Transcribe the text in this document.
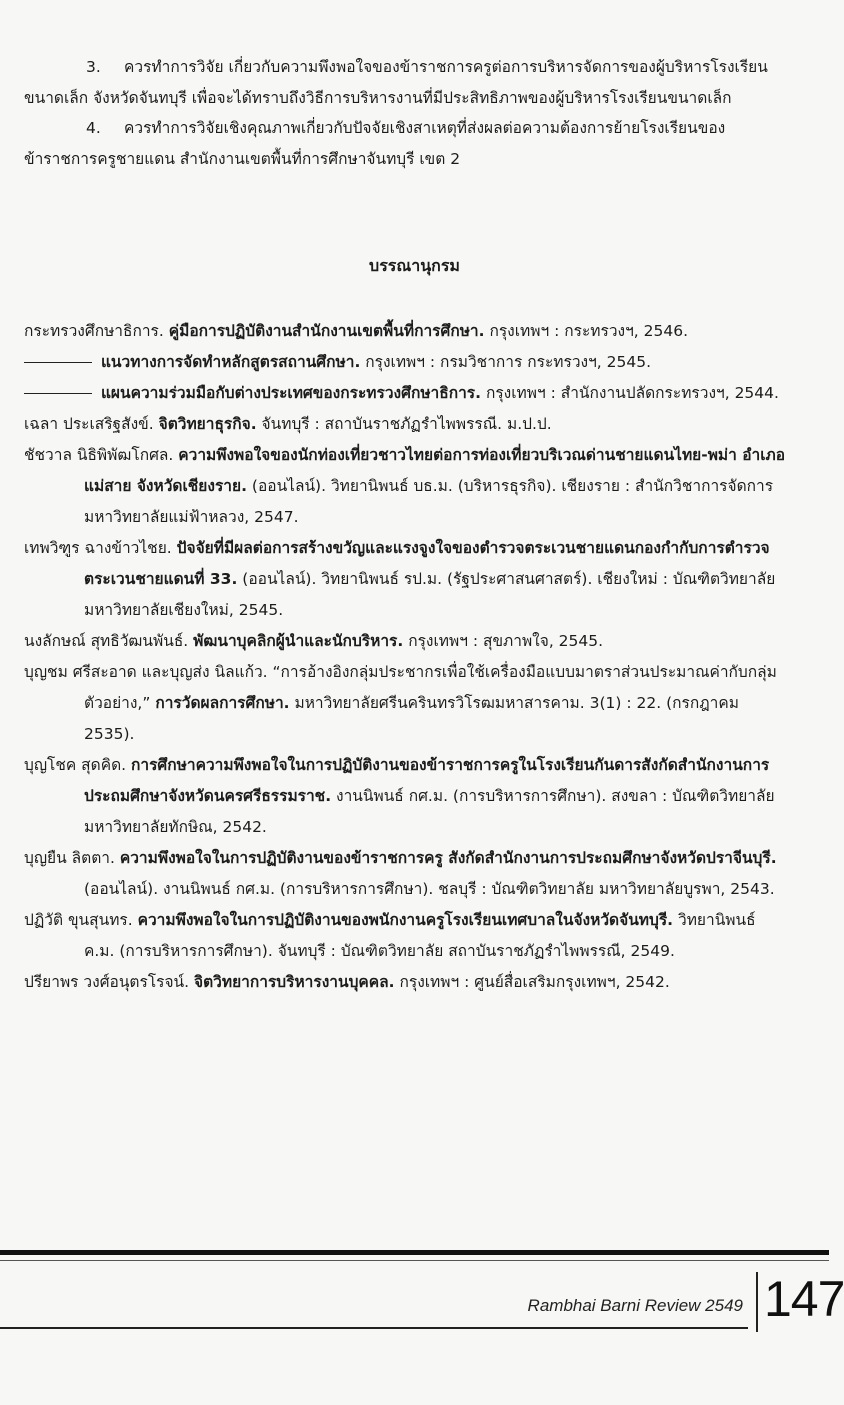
3. ควรทำการวิจัย เกี่ยวกับความพึงพอใจของข้าราชการครูต่อการบริหารจัดการของผู้บริหารโรงเรียนขนาดเล็ก จังหวัดจันทบุรี เพื่อจะได้ทราบถึงวิธีการบริหารงานที่มีประสิทธิภาพของผู้บริหารโรงเรียนขนาดเล็ก

4. ควรทำการวิจัยเชิงคุณภาพเกี่ยวกับปัจจัยเชิงสาเหตุที่ส่งผลต่อความต้องการย้ายโรงเรียนของข้าราชการครูชายแดน สำนักงานเขตพื้นที่การศึกษาจันทบุรี เขต 2

บรรณานุกรม

กระทรวงศึกษาธิการ. คู่มือการปฏิบัติงานสำนักงานเขตพื้นที่การศึกษา. กรุงเทพฯ : กระทรวงฯ, 2546.

แนวทางการจัดทำหลักสูตรสถานศึกษา. กรุงเทพฯ : กรมวิชาการ กระทรวงฯ, 2545.

แผนความร่วมมือกับต่างประเทศของกระทรวงศึกษาธิการ. กรุงเทพฯ : สำนักงานปลัดกระทรวงฯ, 2544.

เฉลา ประเสริฐสังข์. จิตวิทยาธุรกิจ. จันทบุรี : สถาบันราชภัฏรำไพพรรณี. ม.ป.ป.

ชัชวาล นิธิพิพัฒโกศล. ความพึงพอใจของนักท่องเที่ยวชาวไทยต่อการท่องเที่ยวบริเวณด่านชายแดนไทย-พม่า อำเภอแม่สาย จังหวัดเชียงราย. (ออนไลน์). วิทยานิพนธ์ บธ.ม. (บริหารธุรกิจ). เชียงราย : สำนักวิชาการจัดการ มหาวิทยาลัยแม่ฟ้าหลวง, 2547.

เทพวิฑูร ฉางข้าวไชย. ปัจจัยที่มีผลต่อการสร้างขวัญและแรงจูงใจของตำรวจตระเวนชายแดนกองกำกับการตำรวจตระเวนชายแดนที่ 33. (ออนไลน์). วิทยานิพนธ์ รป.ม. (รัฐประศาสนศาสตร์). เชียงใหม่ : บัณฑิตวิทยาลัย มหาวิทยาลัยเชียงใหม่, 2545.

นงลักษณ์ สุทธิวัฒนพันธ์. พัฒนาบุคลิกผู้นำและนักบริหาร. กรุงเทพฯ : สุขภาพใจ, 2545.

บุญชม ศรีสะอาด และบุญส่ง นิลแก้ว. “การอ้างอิงกลุ่มประชากรเพื่อใช้เครื่องมือแบบมาตราส่วนประมาณค่ากับกลุ่มตัวอย่าง,” การวัดผลการศึกษา. มหาวิทยาลัยศรีนครินทรวิโรฒมหาสารคาม. 3(1) : 22. (กรกฎาคม 2535).

บุญโชค สุดคิด. การศึกษาความพึงพอใจในการปฏิบัติงานของข้าราชการครูในโรงเรียนกันดารสังกัดสำนักงานการประถมศึกษาจังหวัดนครศรีธรรมราช. งานนิพนธ์ กศ.ม. (การบริหารการศึกษา). สงขลา : บัณฑิตวิทยาลัย มหาวิทยาลัยทักษิณ, 2542.

บุญยืน ลิตตา. ความพึงพอใจในการปฏิบัติงานของข้าราชการครู สังกัดสำนักงานการประถมศึกษาจังหวัดปราจีนบุรี. (ออนไลน์). งานนิพนธ์ กศ.ม. (การบริหารการศึกษา). ชลบุรี : บัณฑิตวิทยาลัย มหาวิทยาลัยบูรพา, 2543.

ปฏิวัติ ขุนสุนทร. ความพึงพอใจในการปฏิบัติงานของพนักงานครูโรงเรียนเทศบาลในจังหวัดจันทบุรี. วิทยานิพนธ์ ค.ม. (การบริหารการศึกษา). จันทบุรี : บัณฑิตวิทยาลัย สถาบันราชภัฏรำไพพรรณี, 2549.

ปรียาพร วงศ์อนุตรโรจน์. จิตวิทยาการบริหารงานบุคคล. กรุงเทพฯ : ศูนย์สื่อเสริมกรุงเทพฯ, 2542.

Rambhai Barni Review 2549 147
